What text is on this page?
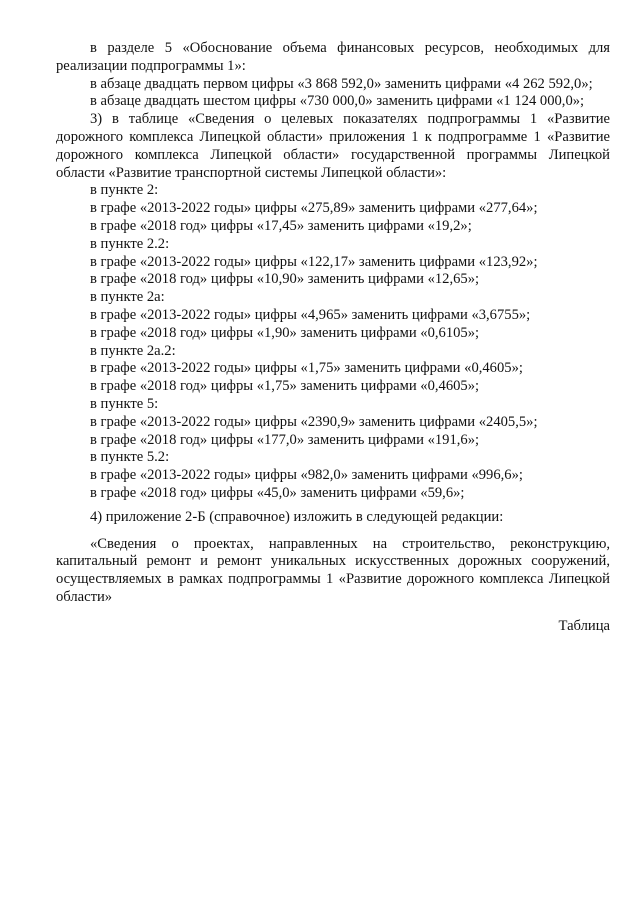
в разделе 5 «Обоснование объема финансовых ресурсов, необходимых для реализации подпрограммы 1»:

в абзаце двадцать первом цифры «3 868 592,0» заменить цифрами «4 262 592,0»;

в абзаце двадцать шестом цифры «730 000,0» заменить цифрами «1 124 000,0»;

3) в таблице «Сведения о целевых показателях подпрограммы 1 «Развитие дорожного комплекса Липецкой области» приложения 1 к подпрограмме 1 «Развитие дорожного комплекса Липецкой области» государственной программы Липецкой области «Развитие транспортной системы Липецкой области»:

в пункте 2:

в графе «2013-2022 годы» цифры «275,89» заменить цифрами «277,64»;

в графе «2018 год» цифры «17,45» заменить цифрами «19,2»;

в пункте 2.2:

в графе «2013-2022 годы» цифры «122,17» заменить цифрами «123,92»;

в графе «2018 год» цифры «10,90» заменить цифрами «12,65»;

в пункте 2а:

в графе «2013-2022 годы» цифры «4,965» заменить цифрами «3,6755»;

в графе «2018 год» цифры «1,90» заменить цифрами «0,6105»;

в пункте 2а.2:

в графе «2013-2022 годы» цифры «1,75» заменить цифрами «0,4605»;

в графе «2018 год» цифры «1,75» заменить цифрами «0,4605»;

в пункте 5:

в графе «2013-2022 годы» цифры «2390,9» заменить цифрами «2405,5»;

в графе «2018 год» цифры «177,0» заменить цифрами «191,6»;

в пункте 5.2:

в графе «2013-2022 годы» цифры «982,0» заменить цифрами «996,6»;

в графе «2018 год» цифры «45,0» заменить цифрами «59,6»;

4) приложение 2-Б (справочное) изложить в следующей редакции:

«Сведения о проектах, направленных на строительство, реконструкцию, капитальный ремонт и ремонт уникальных искусственных дорожных сооружений, осуществляемых в рамках подпрограммы 1 «Развитие дорожного комплекса Липецкой области»

Таблица
